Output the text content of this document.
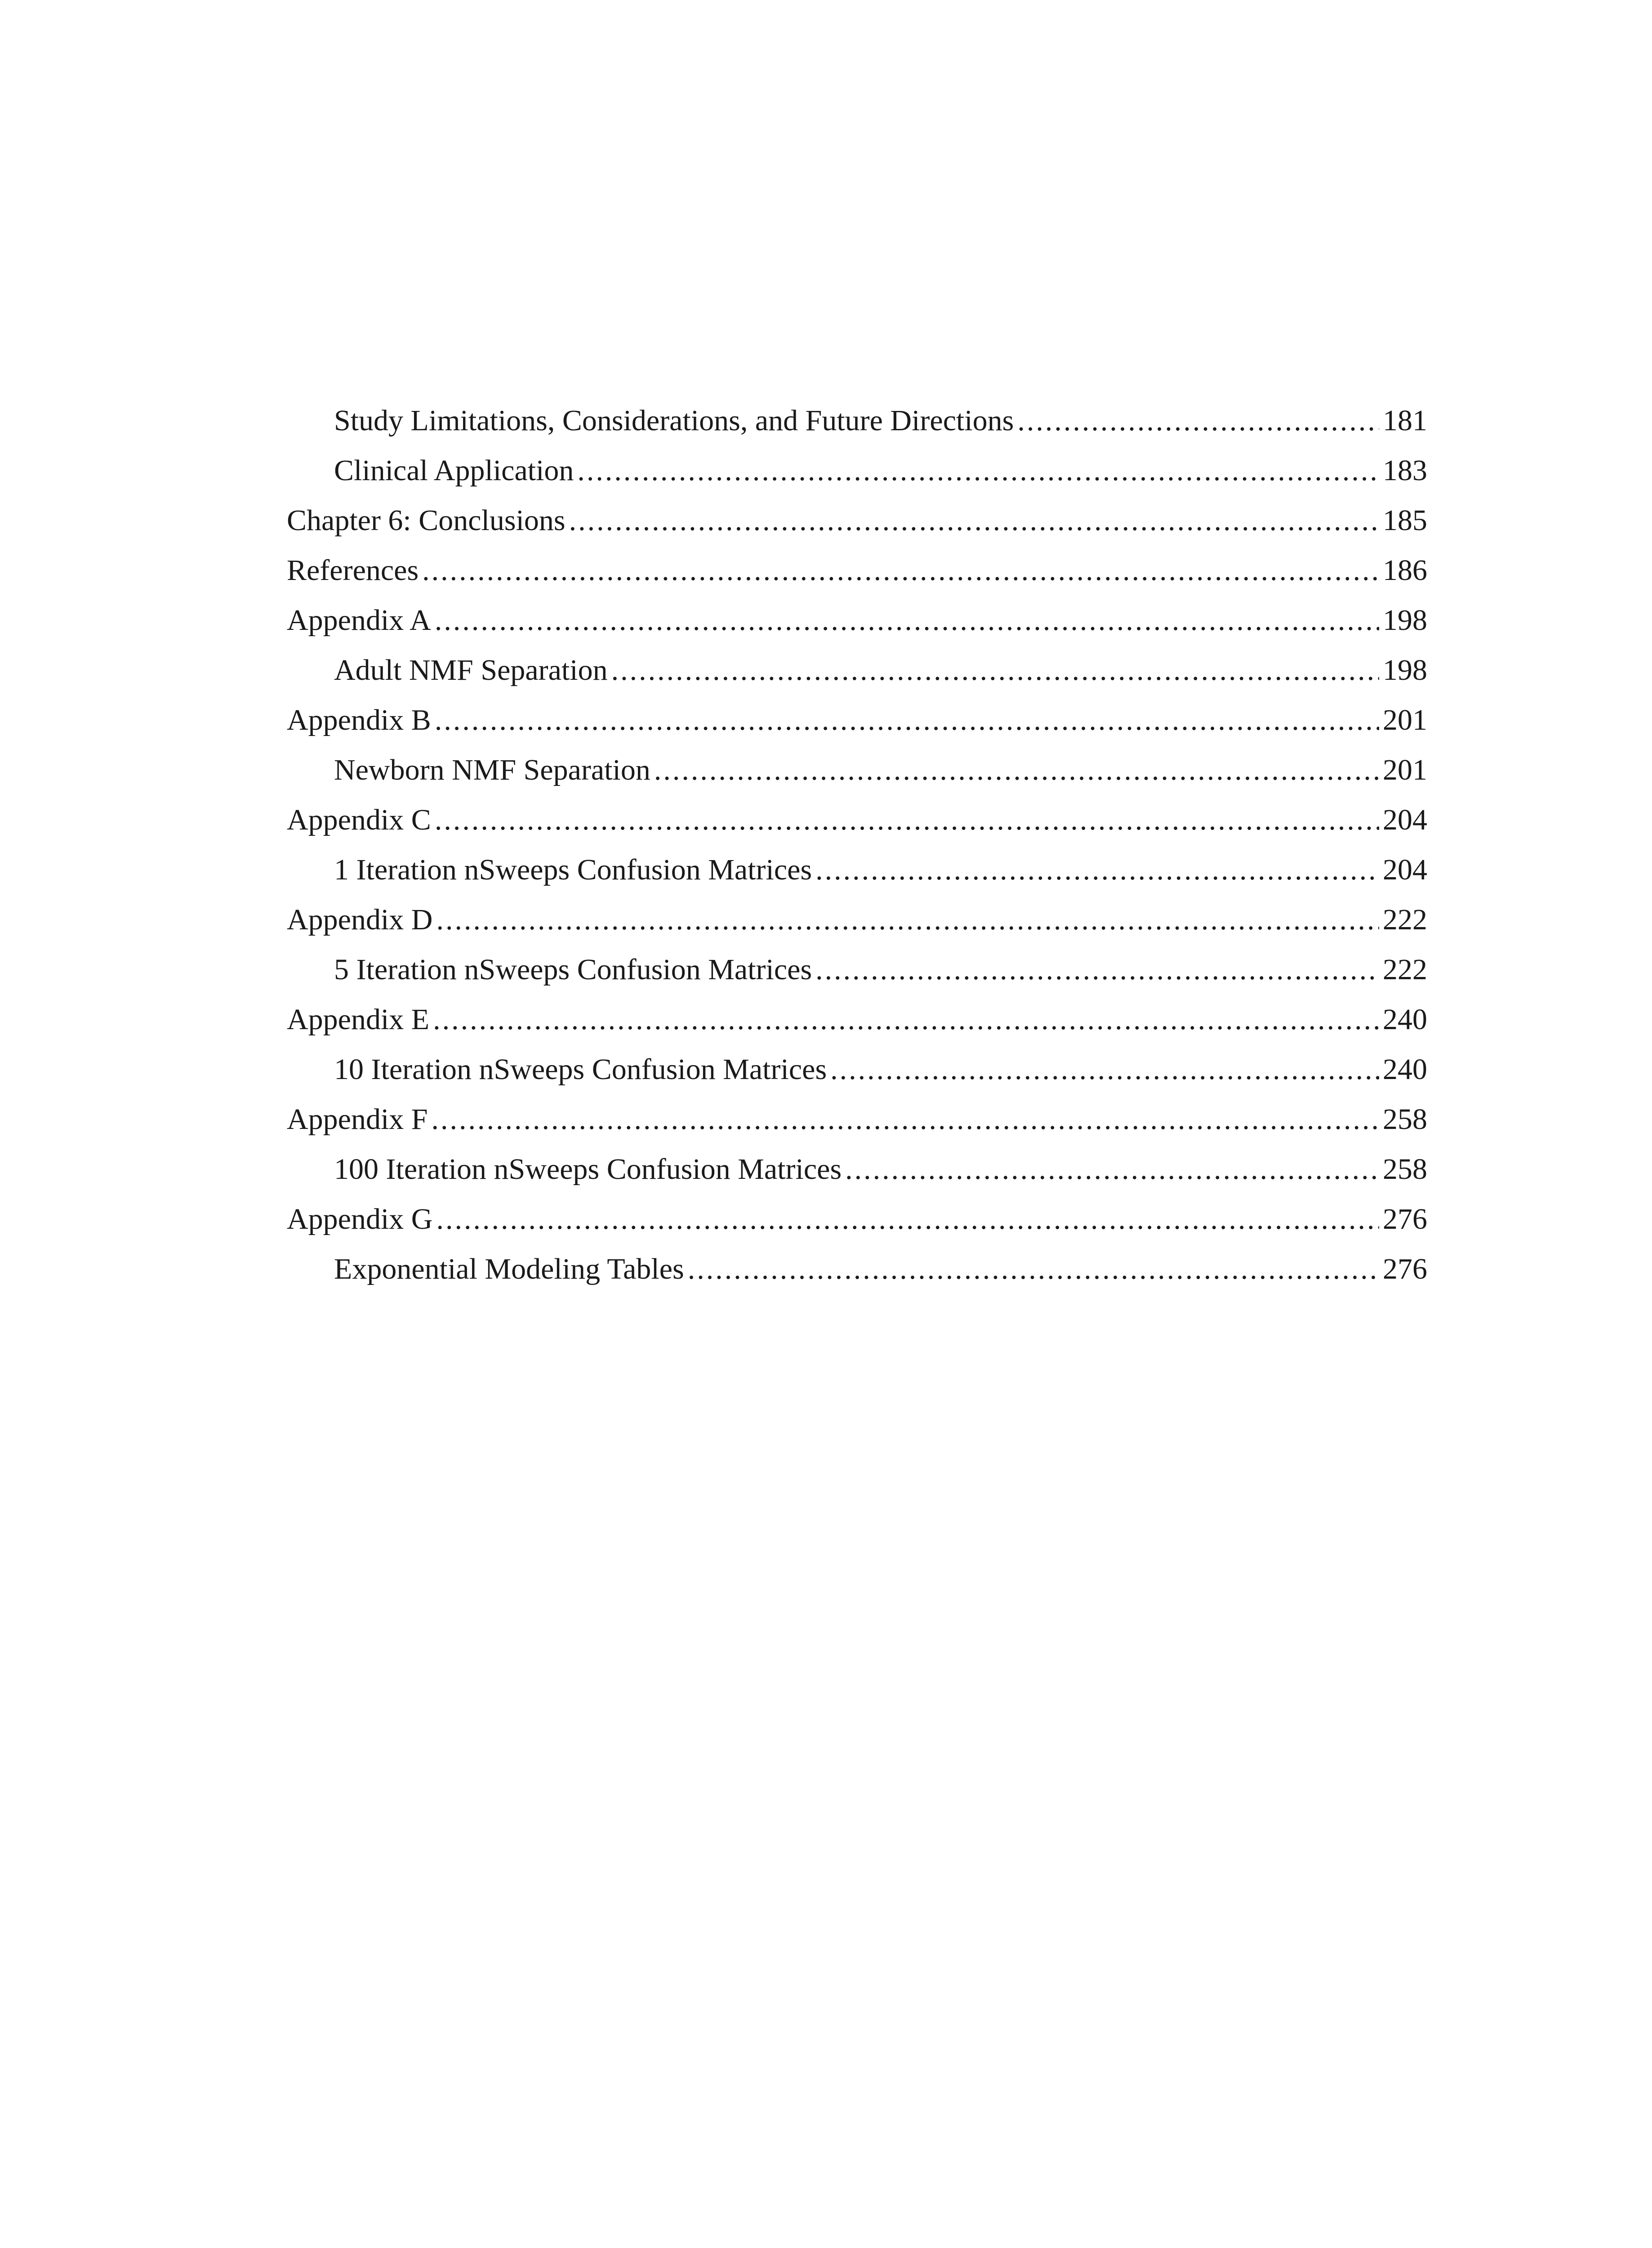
Study Limitations, Considerations, and Future Directions .....	181
Clinical Application .....	183
Chapter 6: Conclusions .....	185
References .....	186
Appendix A .....	198
Adult NMF Separation .....	198
Appendix B .....	201
Newborn NMF Separation .....	201
Appendix C .....	204
1 Iteration nSweeps Confusion Matrices .....	204
Appendix D .....	222
5 Iteration nSweeps Confusion Matrices .....	222
Appendix E .....	240
10 Iteration nSweeps Confusion Matrices .....	240
Appendix F .....	258
100 Iteration nSweeps Confusion Matrices .....	258
Appendix G .....	276
Exponential Modeling Tables .....	276
